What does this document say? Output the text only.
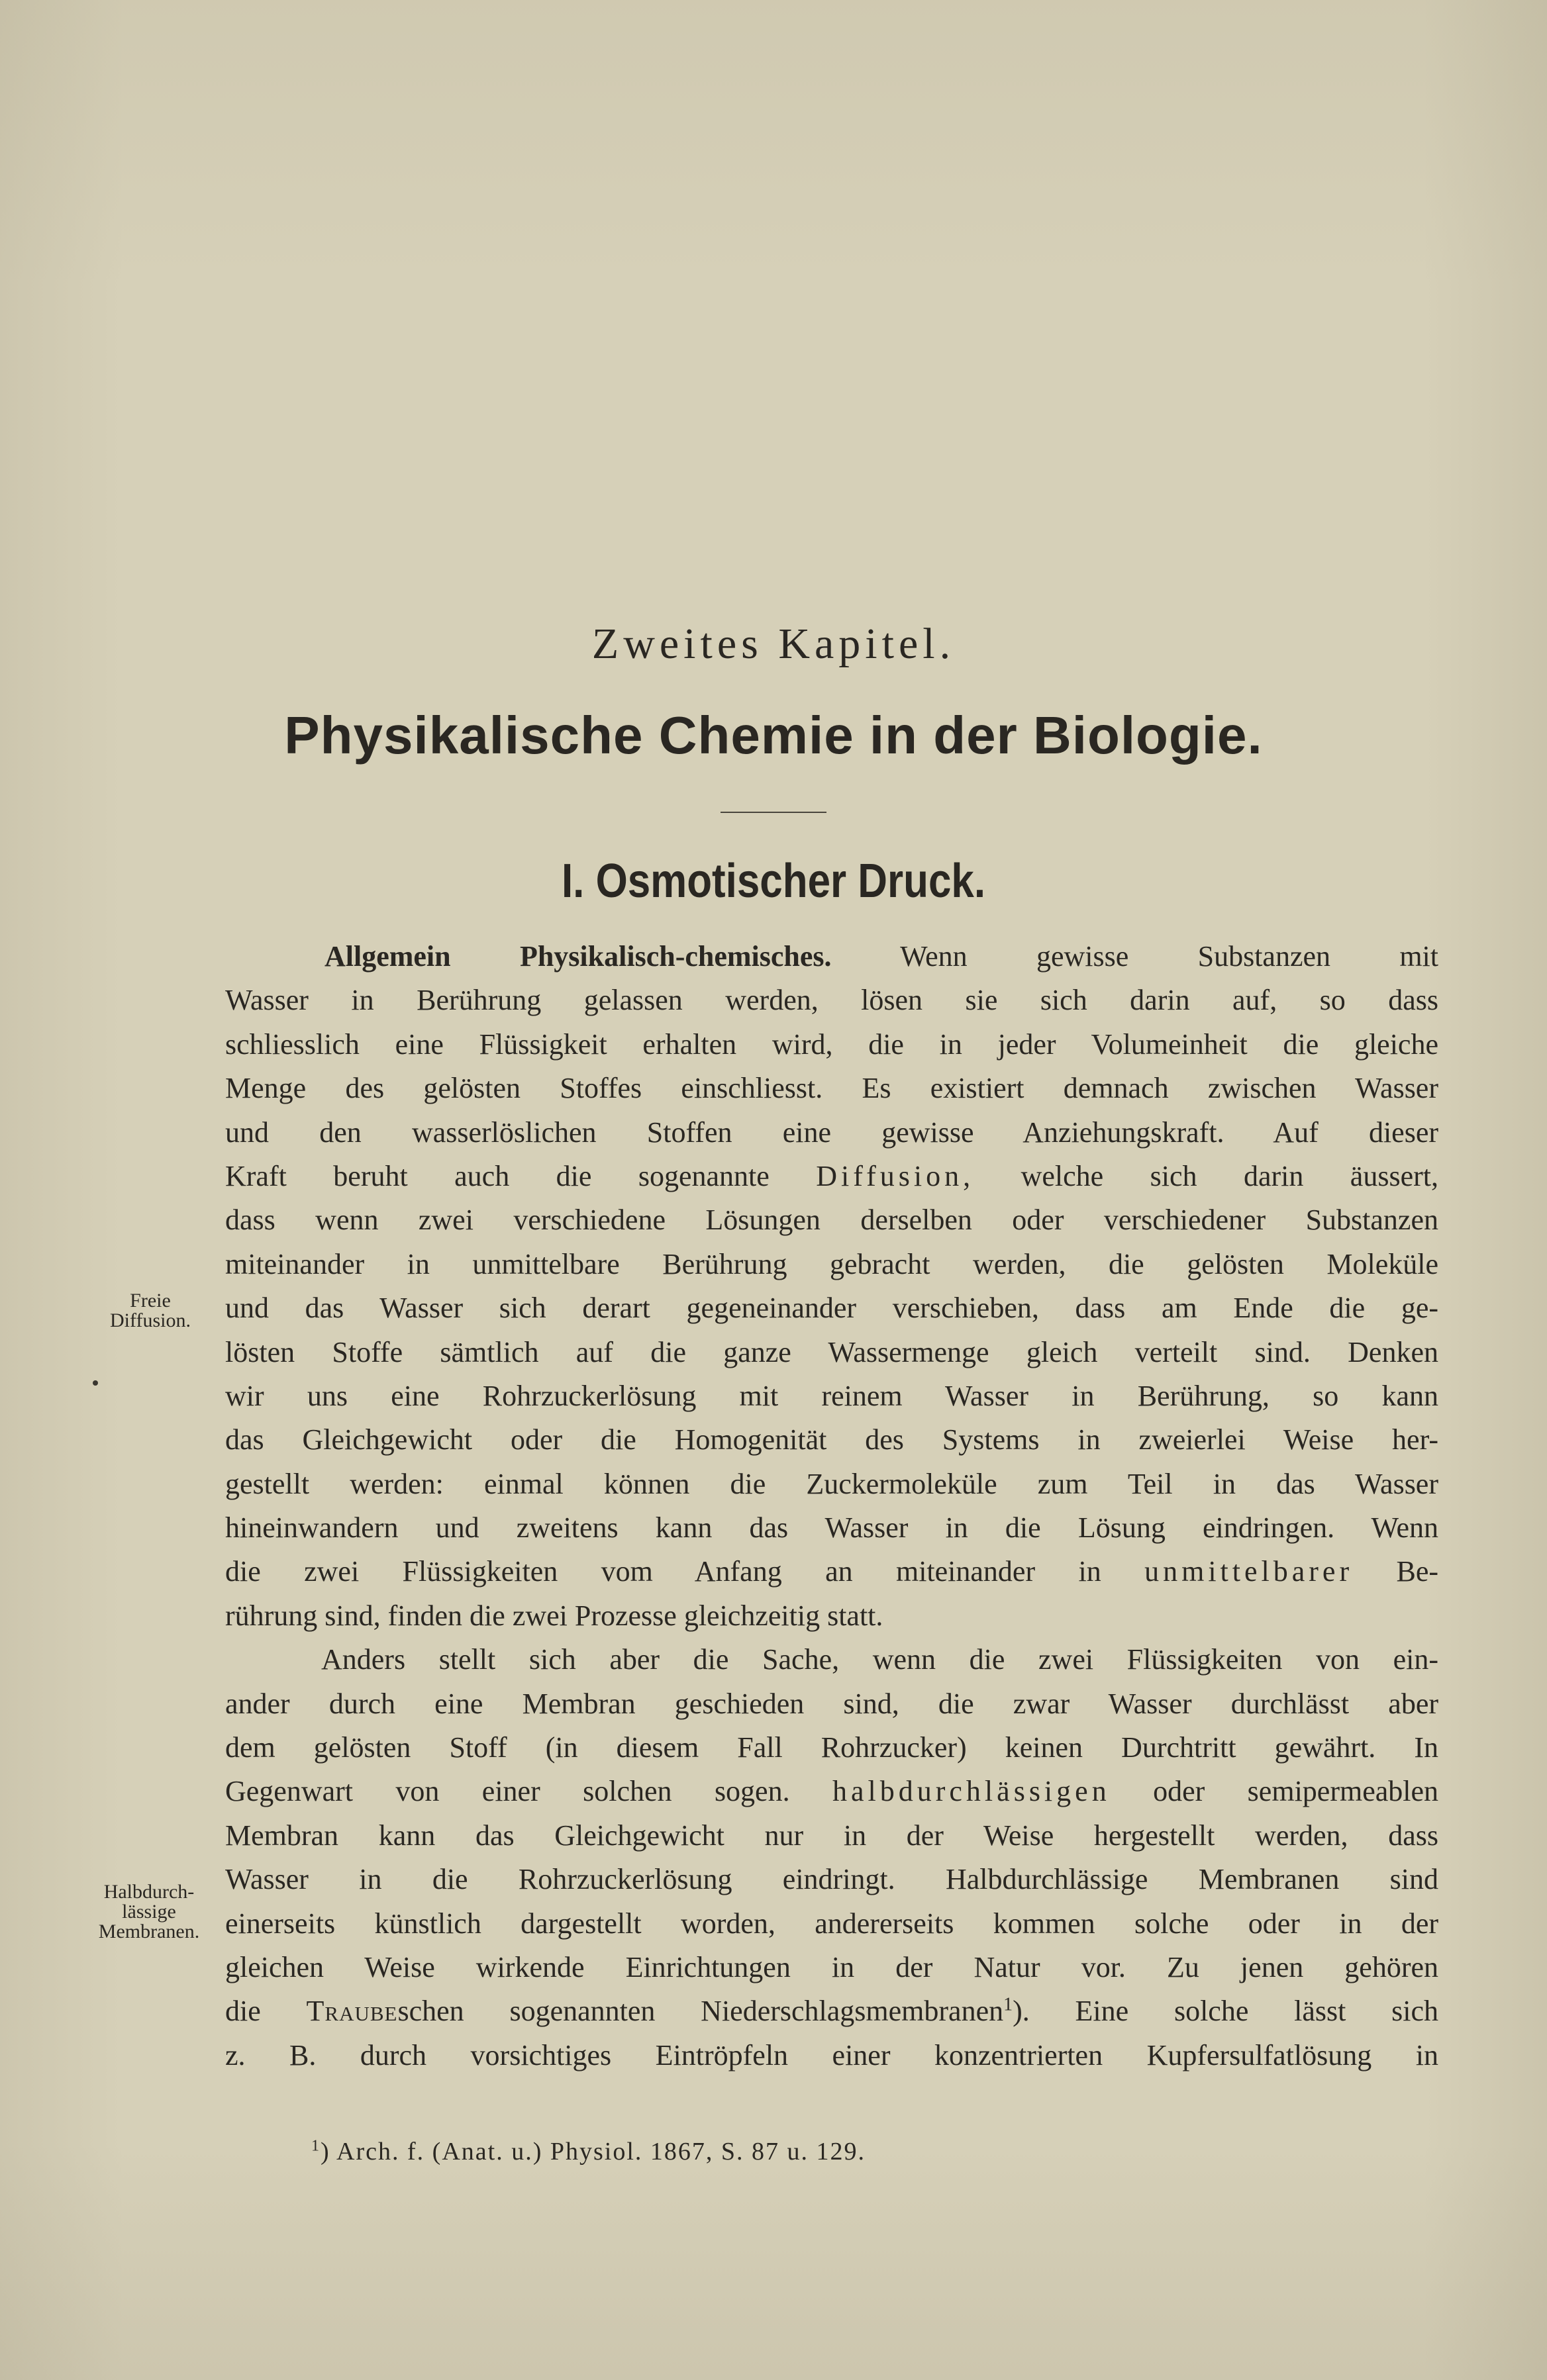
Zweites Kapitel.
Physikalische Chemie in der Biologie.
I. Osmotischer Druck.
Allgemein Physikalisch-chemisches. Wenn gewisse Substanzen mit
Wasser in Berührung gelassen werden, lösen sie sich darin auf, so dass
schliesslich eine Flüssigkeit erhalten wird, die in jeder Volumeinheit die gleiche
Menge des gelösten Stoffes einschliesst. Es existiert demnach zwischen Wasser
und den wasserlöslichen Stoffen eine gewisse Anziehungskraft. Auf dieser
Kraft beruht auch die sogenannte Diffusion, welche sich darin äussert,
dass wenn zwei verschiedene Lösungen derselben oder verschiedener Substanzen
miteinander in unmittelbare Berührung gebracht werden, die gelösten Moleküle
und das Wasser sich derart gegeneinander verschieben, dass am Ende die ge-
lösten Stoffe sämtlich auf die ganze Wassermenge gleich verteilt sind. Denken
wir uns eine Rohrzuckerlösung mit reinem Wasser in Berührung, so kann
das Gleichgewicht oder die Homogenität des Systems in zweierlei Weise her-
gestellt werden: einmal können die Zuckermoleküle zum Teil in das Wasser
hineinwandern und zweitens kann das Wasser in die Lösung eindringen. Wenn
die zwei Flüssigkeiten vom Anfang an miteinander in unmittelbarer Be-
rührung sind, finden die zwei Prozesse gleichzeitig statt.
Anders stellt sich aber die Sache, wenn die zwei Flüssigkeiten von ein-
ander durch eine Membran geschieden sind, die zwar Wasser durchlässt aber
dem gelösten Stoff (in diesem Fall Rohrzucker) keinen Durchtritt gewährt. In
Gegenwart von einer solchen sogen. halbdurchlässigen oder semipermeablen
Membran kann das Gleichgewicht nur in der Weise hergestellt werden, dass
Wasser in die Rohrzuckerlösung eindringt. Halbdurchlässige Membranen sind
einerseits künstlich dargestellt worden, andererseits kommen solche oder in der
gleichen Weise wirkende Einrichtungen in der Natur vor. Zu jenen gehören
die Traubeschen sogenannten Niederschlagsmembranen$^1$). Eine solche lässt sich
z. B. durch vorsichtiges Eintröpfeln einer konzentrierten Kupfersulfatlösung in
Freie
Diffusion.
Halbdurch-
lässige
Membranen.
$^1$) Arch. f. (Anat. u.) Physiol. 1867, S. 87 u. 129.
